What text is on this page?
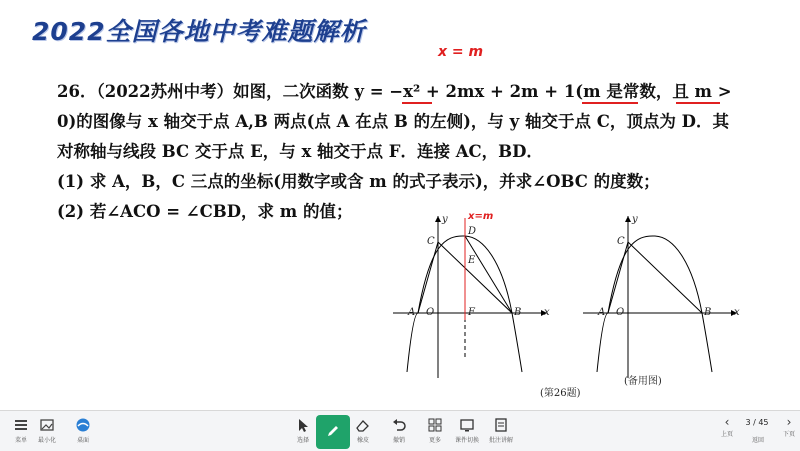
2022全国各地中考难题解析
x = m

26．（2022苏州中考）如图，二次函数 y = −x² + 2mx + 2m + 1(m 是常数，且 m >

0)的图像与 x 轴交于点 A,B 两点(点 A 在点 B 的左侧)，与 y 轴交于点 C，顶点为 D．其

对称轴与线段 BC 交于点 E，与 x 轴交于点 F．连接 AC，BD．

(1) 求 A，B，C 三点的坐标(用数字或含 m 的式子表示)，并求∠OBC 的度数；

(2) 若∠ACO = ∠CBD，求 m 的值；	x=m
y
x
C
D
E
A O	F	B
y
x
C
A O	B
(第26题)
(备用图)
菜单	最小化	桌面	选择	橡皮	撤销	更多	课件切换	批注讲解
‹
上页
3 / 45
返回
›
下页
